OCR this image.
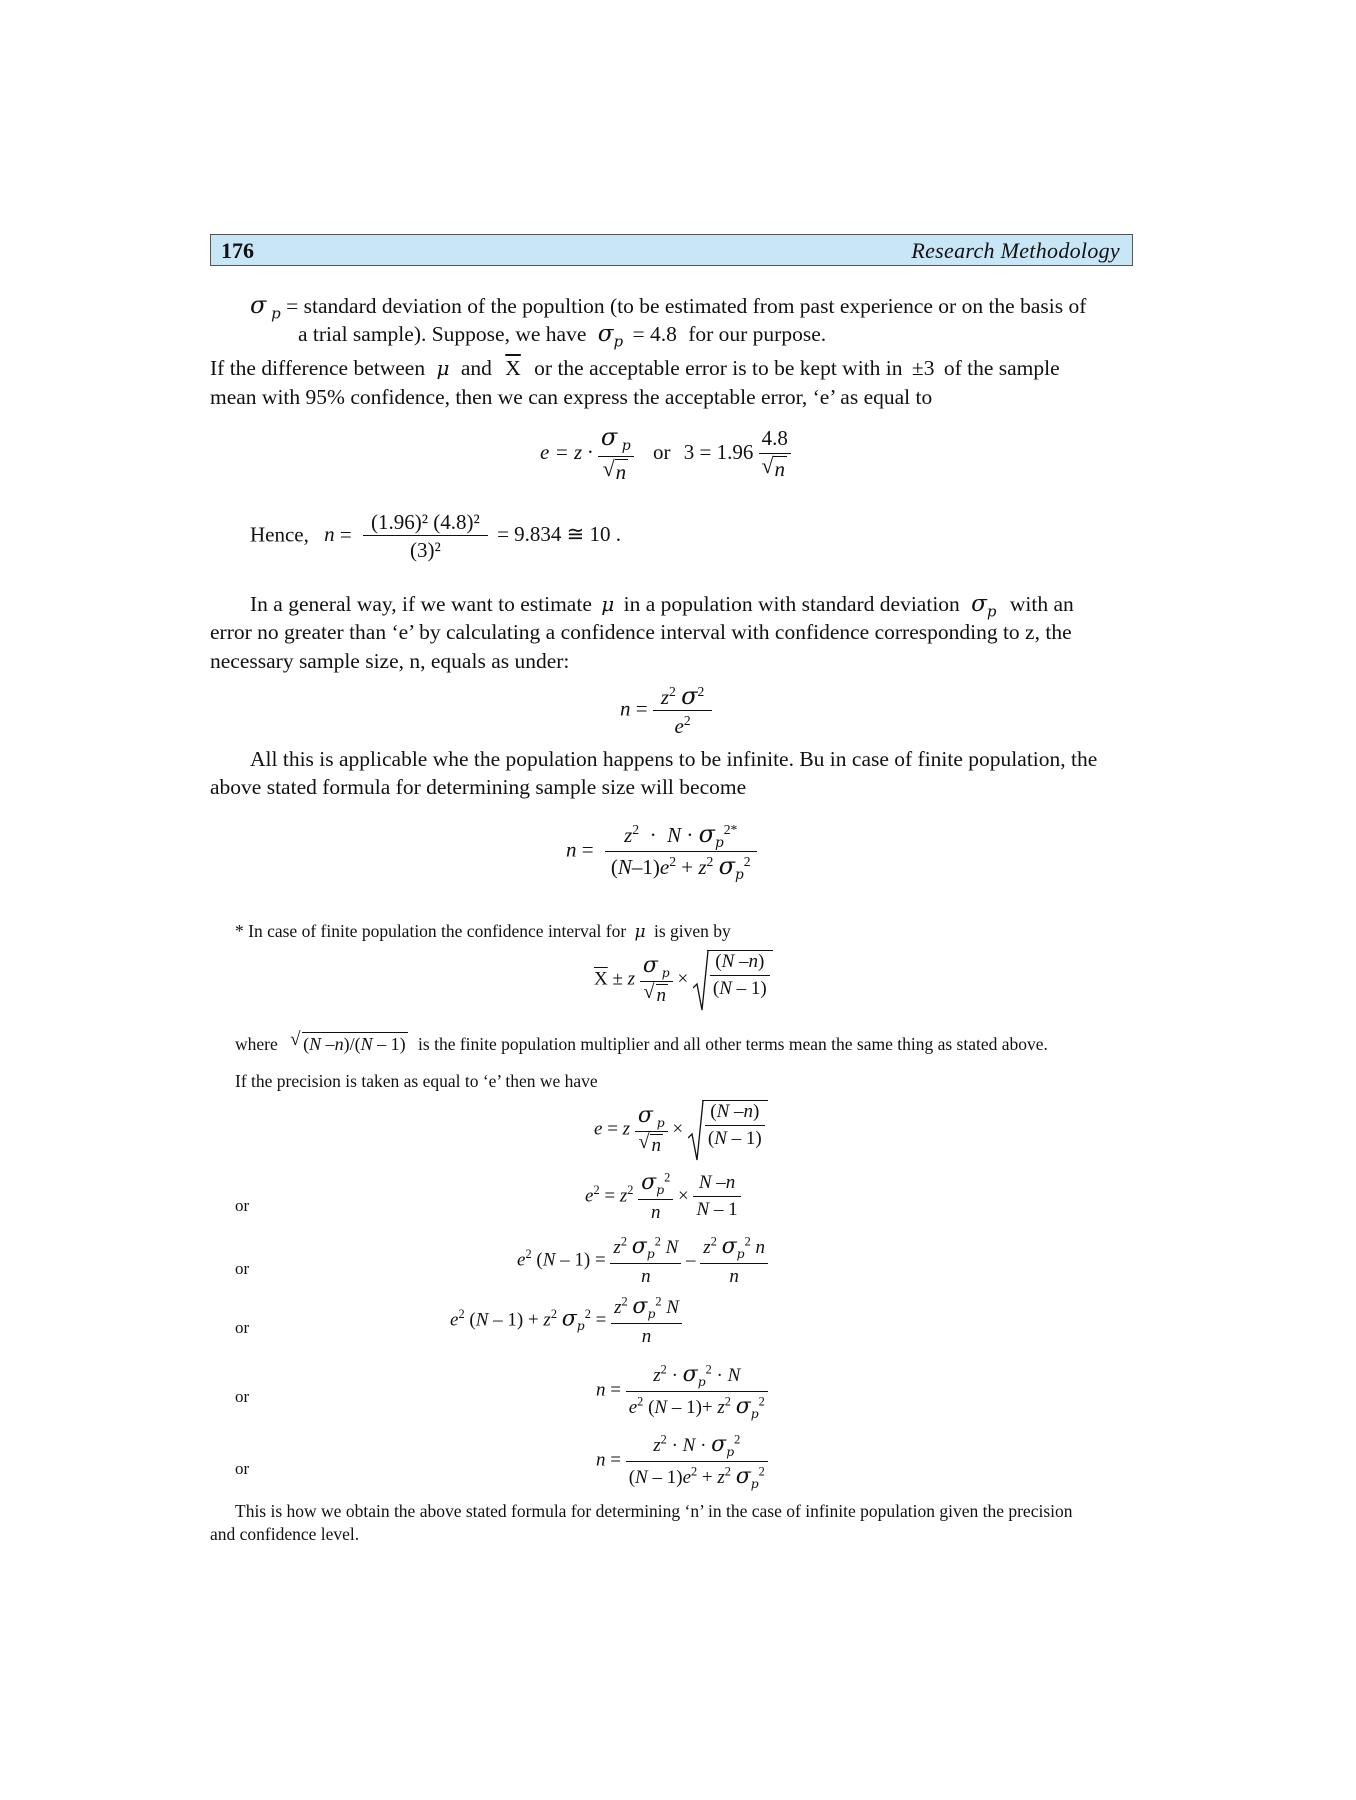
176	Research Methodology
σ $_p$ = standard deviation of the popultion (to be estimated from past experience or on the basis of
a trial sample). Suppose, we have $\sigma_p = 4.8$ for our purpose.
If the difference between μ and $\overline{X}$ or the acceptable error is to be kept with in ±3 of the sample
mean with 95% confidence, then we can express the acceptable error, ‘e’ as equal to
e = z · σ $_p$
√ n or 3 = 1.96 4.8
√ n
Hence, $n = \frac{\text{(1.96)² (4.8)²}}{\text{(3)²}} = 9.834$ ≅ 10 .
In a general way, if we want to estimate μ in a population with standard deviation $\sigma_p$ with an
error no greater than ‘e’ by calculating a confidence interval with confidence corresponding to z, the
necessary sample size, n, equals as under:
$n = \frac{z^2 \sigma^2}{e^2}$
All this is applicable whe the population happens to be infinite. Bu in case of finite population, the
above stated formula for determining sample size will become
$n = \frac{z^2 \cdot N \cdot \sigma_p^{2*}}{(N-1)e^2 + z^2 \sigma_p^2}$
* In case of finite population the confidence interval for μ is given by
$\overline{X} \pm z$ σ $_p$
√ $n \times \frac{(N -n)}{(N - 1)}$
where √ (N –n)/(N – 1) is the finite population multiplier and all other terms mean the same thing as stated above.
If the precision is taken as equal to ‘e’ then we have
e = z σ $_p$
√ $n \times \frac{(N -n)}{(N - 1)}$
or	$e^2 = z^2 \frac{\sigma_p^2}{n} \times \frac{N -n}{N - 1}$
or	$e^2$ $(N - 1) = \frac{z^2 \sigma_p^2 N}{n} - \frac{z^2 \sigma_p^2 n}{n}$
or	$e^2$ $(N - 1) + z^2$ $\sigma_p^2 = \frac{z^2 \sigma_p^2 N}{n}$
or	$n = \frac{z^2 \cdot \sigma_p^2 \cdot N}{e^2 (N - 1)+ z^2 \sigma_p^2}$
or	$n = \frac{z^2 \cdot N \cdot \sigma_p^2}{(N - 1)e^2 + z^2 \sigma_p^2}$
This is how we obtain the above stated formula for determining ‘n’ in the case of infinite population given the precision
and confidence level.
